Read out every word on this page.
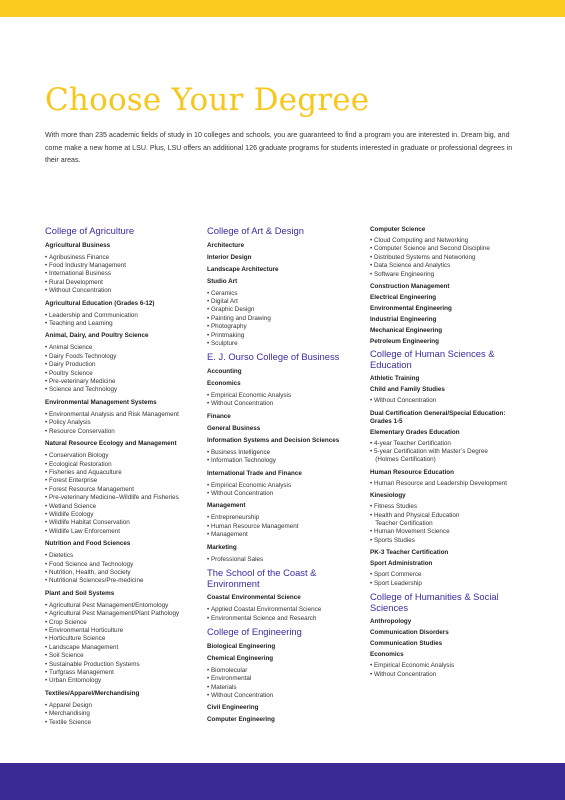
Choose Your Degree

With more than 235 academic fields of study in 10 colleges and schools, you are guaranteed to find a program you are interested in. Dream big, and come make a new home at LSU. Plus, LSU offers an additional 126 graduate programs for students interested in graduate or professional degrees in their areas.

College of Agriculture
Agricultural Business
• Agribusiness Finance
• Food Industry Management
• International Business
• Rural Development
• Without Concentration
Agricultural Education (Grades 6-12)
• Leadership and Communication
• Teaching and Learning
Animal, Dairy, and Poultry Science
• Animal Science
• Dairy Foods Technology
• Dairy Production
• Poultry Science
• Pre-veterinary Medicine
• Science and Technology
Environmental Management Systems
• Environmental Analysis and Risk Management
• Policy Analysis
• Resource Conservation
Natural Resource Ecology and Management
• Conservation Biology
• Ecological Restoration
• Fisheries and Aquaculture
• Forest Enterprise
• Forest Resource Management
• Pre-veterinary Medicine–Wildlife and Fisheries
• Wetland Science
• Wildlife Ecology
• Wildlife Habitat Conservation
• Wildlife Law Enforcement
Nutrition and Food Sciences
• Dietetics
• Food Science and Technology
• Nutrition, Health, and Society
• Nutritional Sciences/Pre-medicine
Plant and Soil Systems
• Agricultural Pest Management/Entomology
• Agricultural Pest Management/Plant Pathology
• Crop Science
• Environmental Horticulture
• Horticulture Science
• Landscape Management
• Soil Science
• Sustainable Production Systems
• Turfgrass Management
• Urban Entomology
Textiles/Apparel/Merchandising
• Apparel Design
• Merchandising
• Textile Science
College of Art & Design
Architecture
Interior Design
Landscape Architecture
Studio Art
• Ceramics
• Digital Art
• Graphic Design
• Painting and Drawing
• Photography
• Printmaking
• Sculpture
E. J. Ourso College of Business
Accounting
Economics
• Empirical Economic Analysis
• Without Concentration
Finance
General Business
Information Systems and Decision Sciences
• Business Intelligence
• Information Technology
International Trade and Finance
• Empirical Economic Analysis
• Without Concentration
Management
• Entrepreneurship
• Human Resource Management
• Management
Marketing
• Professional Sales
The School of the Coast & Environment
Coastal Environmental Science
• Applied Coastal Environmental Science
• Environmental Science and Research
College of Engineering
Biological Engineering
Chemical Engineering
• Biomolecular
• Environmental
• Materials
• Without Concentration
Civil Engineering
Computer Engineering
Computer Science
• Cloud Computing and Networking
• Computer Science and Second Discipline
• Distributed Systems and Networking
• Data Science and Analytics
• Software Engineering
Construction Management
Electrical Engineering
Environmental Engineering
Industrial Engineering
Mechanical Engineering
Petroleum Engineering
College of Human Sciences & Education
Athletic Training
Child and Family Studies
• Without Concentration
Dual Certification General/Special Education: Grades 1-5
Elementary Grades Education
• 4-year Teacher Certification
• 5-year Certification with Master’s Degree
(Holmes Certification)
Human Resource Education
• Human Resource and Leadership Development
Kinesiology
• Fitness Studies
• Health and Physical Education
Teacher Certification
• Human Movement Science
• Sports Studies
PK-3 Teacher Certification
Sport Administration
• Sport Commerce
• Sport Leadership
College of Humanities & Social Sciences
Anthropology
Communication Disorders
Communication Studies
Economics
• Empirical Economic Analysis
• Without Concentration
